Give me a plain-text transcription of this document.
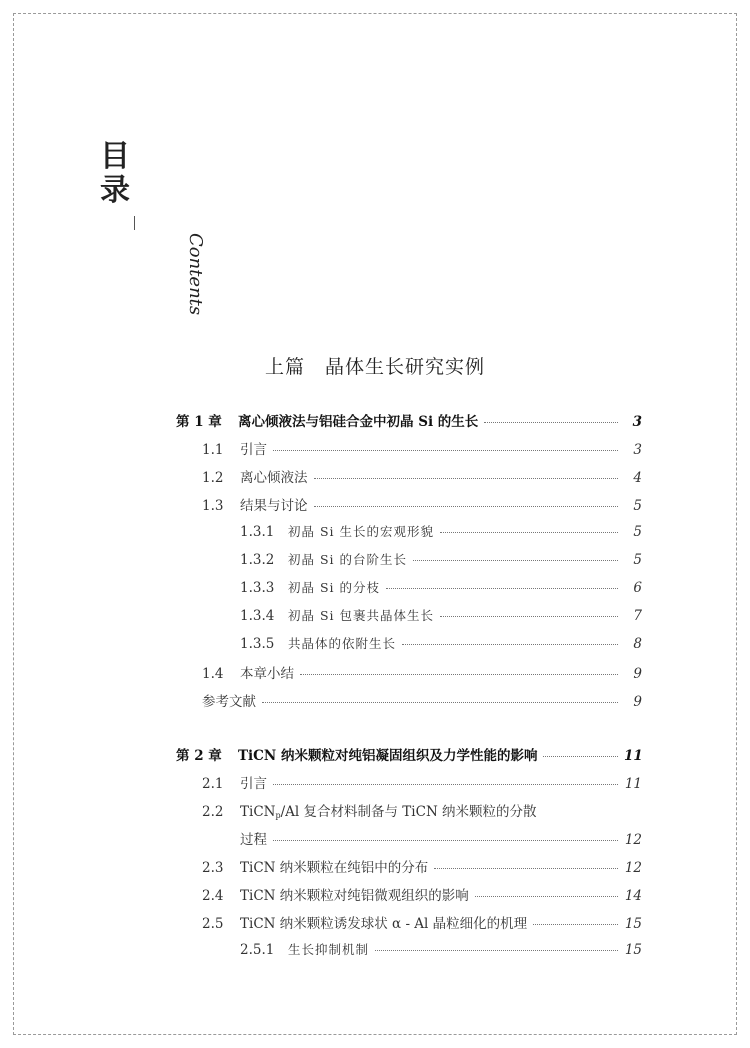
目录
Contents
上篇　晶体生长研究实例
第 1 章	离心倾液法与铝硅合金中初晶 Si 的生长	3
1.1	引言	3
1.2	离心倾液法	4
1.3	结果与讨论	5
1.3.1	初晶 Si 生长的宏观形貌	5
1.3.2	初晶 Si 的台阶生长	5
1.3.3	初晶 Si 的分枝	6
1.3.4	初晶 Si 包裹共晶体生长	7
1.3.5	共晶体的依附生长	8
1.4	本章小结	9
参考文献	9
第 2 章	TiCN 纳米颗粒对纯铝凝固组织及力学性能的影响	11
2.1	引言	11
2.2	TiCN$_p$/Al 复合材料制备与 TiCN 纳米颗粒的分散
过程	12
2.3	TiCN 纳米颗粒在纯铝中的分布	12
2.4	TiCN 纳米颗粒对纯铝微观组织的影响	14
2.5	TiCN 纳米颗粒诱发球状 α - Al 晶粒细化的机理	15
2.5.1	生长抑制机制	15
